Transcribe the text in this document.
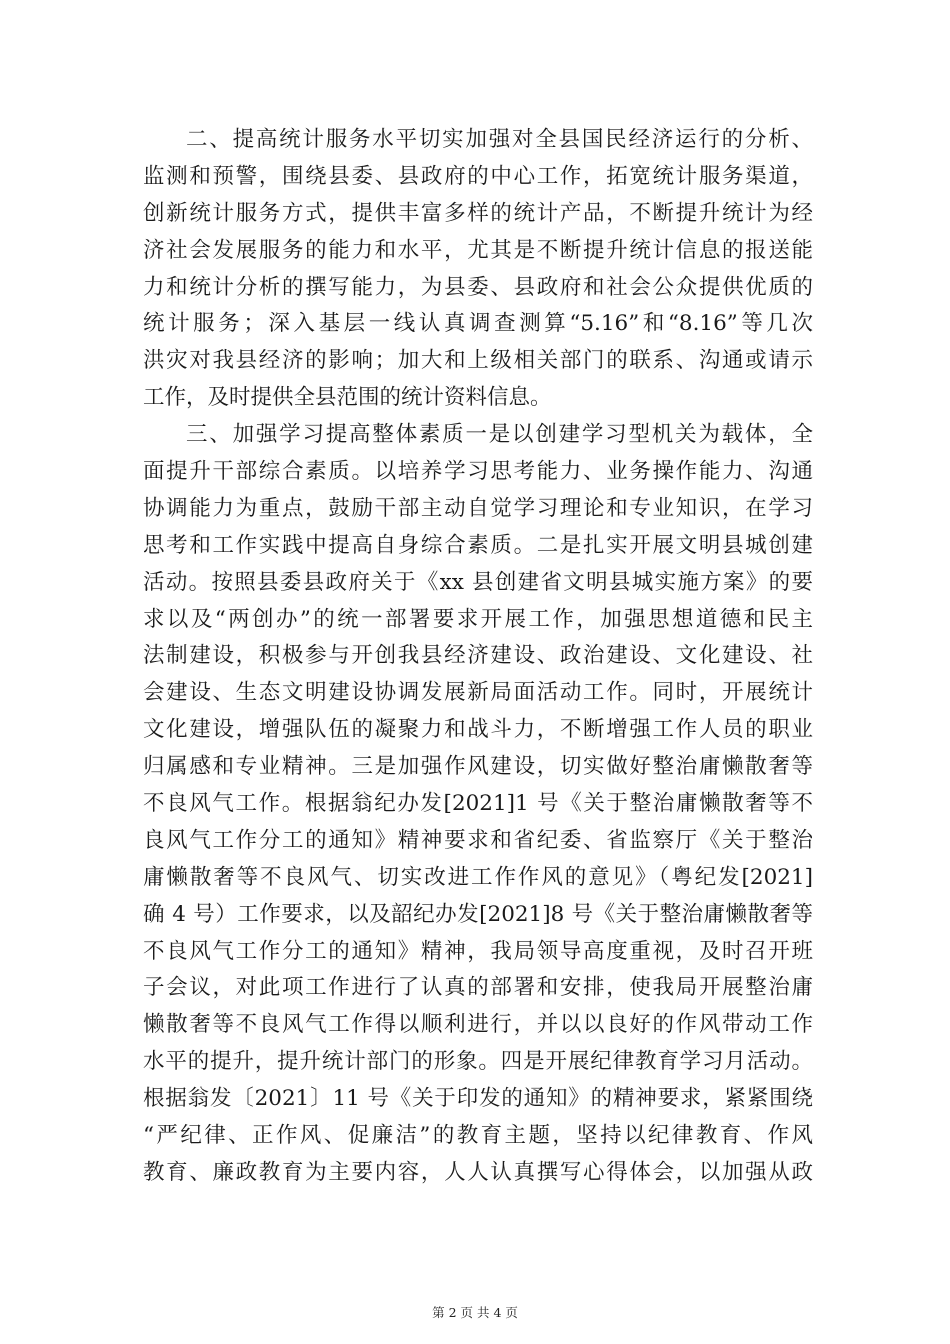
二、提高统计服务水平切实加强对全县国民经济运行的分析、
监测和预警，围绕县委、县政府的中心工作，拓宽统计服务渠道，
创新统计服务方式，提供丰富多样的统计产品，不断提升统计为经
济社会发展服务的能力和水平，尤其是不断提升统计信息的报送能
力和统计分析的撰写能力，为县委、县政府和社会公众提供优质的
统计服务；深入基层一线认真调查测算“5.16”和“8.16”等几次
洪灾对我县经济的影响；加大和上级相关部门的联系、沟通或请示
工作，及时提供全县范围的统计资料信息。
三、加强学习提高整体素质一是以创建学习型机关为载体，全
面提升干部综合素质。以培养学习思考能力、业务操作能力、沟通
协调能力为重点，鼓励干部主动自觉学习理论和专业知识，在学习
思考和工作实践中提高自身综合素质。二是扎实开展文明县城创建
活动。按照县委县政府关于《xx 县创建省文明县城实施方案》的要
求以及“两创办”的统一部署要求开展工作，加强思想道德和民主
法制建设，积极参与开创我县经济建设、政治建设、文化建设、社
会建设、生态文明建设协调发展新局面活动工作。同时，开展统计
文化建设，增强队伍的凝聚力和战斗力，不断增强工作人员的职业
归属感和专业精神。三是加强作风建设，切实做好整治庸懒散奢等
不良风气工作。根据翁纪办发[2021]1 号《关于整治庸懒散奢等不
良风气工作分工的通知》精神要求和省纪委、省监察厅《关于整治
庸懒散奢等不良风气、切实改进工作作风的意见》（粤纪发[2021]
确 4 号）工作要求，以及韶纪办发[2021]8 号《关于整治庸懒散奢等
不良风气工作分工的通知》精神，我局领导高度重视，及时召开班
子会议，对此项工作进行了认真的部署和安排，使我局开展整治庸
懒散奢等不良风气工作得以顺利进行，并以以良好的作风带动工作
水平的提升，提升统计部门的形象。四是开展纪律教育学习月活动。
根据翁发〔2021〕11 号《关于印发的通知》的精神要求，紧紧围绕
“严纪律、正作风、促廉洁”的教育主题，坚持以纪律教育、作风
教育、廉政教育为主要内容，人人认真撰写心得体会，以加强从政
第 2 页 共 4 页
